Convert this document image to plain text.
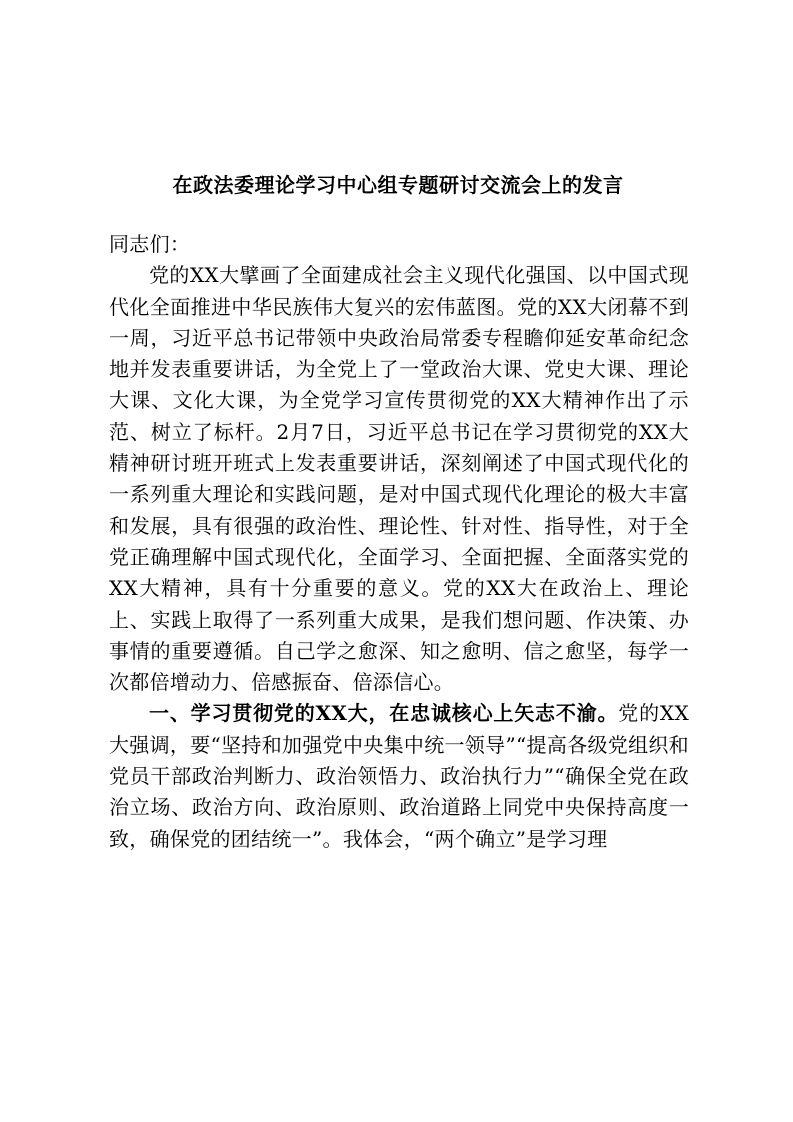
在政法委理论学习中心组专题研讨交流会上的发言

同志们：

党的XX大擘画了全面建成社会主义现代化强国、以中国式现代化全面推进中华民族伟大复兴的宏伟蓝图。党的XX大闭幕不到一周，习近平总书记带领中央政治局常委专程瞻仰延安革命纪念地并发表重要讲话，为全党上了一堂政治大课、党史大课、理论大课、文化大课，为全党学习宣传贯彻党的XX大精神作出了示范、树立了标杆。2月7日，习近平总书记在学习贯彻党的XX大精神研讨班开班式上发表重要讲话，深刻阐述了中国式现代化的一系列重大理论和实践问题，是对中国式现代化理论的极大丰富和发展，具有很强的政治性、理论性、针对性、指导性，对于全党正确理解中国式现代化，全面学习、全面把握、全面落实党的XX大精神，具有十分重要的意义。党的XX大在政治上、理论上、实践上取得了一系列重大成果，是我们想问题、作决策、办事情的重要遵循。自己学之愈深、知之愈明、信之愈坚，每学一次都倍增动力、倍感振奋、倍添信心。

一、学习贯彻党的XX大，在忠诚核心上矢志不渝。党的XX大强调，要“坚持和加强党中央集中统一领导”“提高各级党组织和党员干部政治判断力、政治领悟力、政治执行力”“确保全党在政治立场、政治方向、政治原则、政治道路上同党中央保持高度一致，确保党的团结统一”。我体会，“两个确立”是学习理
